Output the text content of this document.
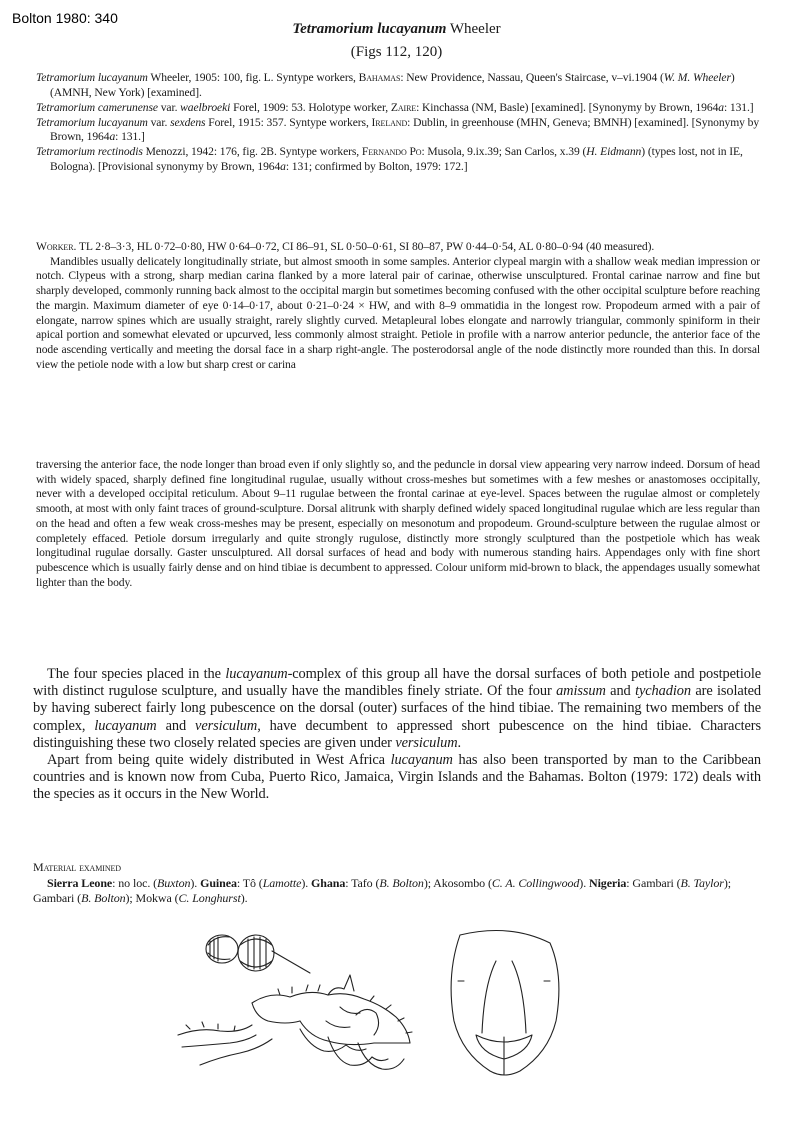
Bolton 1980: 340
Tetramorium lucayanum Wheeler
(Figs 112, 120)

Tetramorium lucayanum Wheeler, 1905: 100, fig. L. Syntype workers, Bahamas: New Providence, Nassau, Queen's Staircase, v–vi.1904 (W. M. Wheeler) (AMNH, New York) [examined].

Tetramorium camerunense var. waelbroeki Forel, 1909: 53. Holotype worker, Zaire: Kinchassa (NM, Basle) [examined]. [Synonymy by Brown, 1964a: 131.]

Tetramorium lucayanum var. sexdens Forel, 1915: 357. Syntype workers, Ireland: Dublin, in greenhouse (MHN, Geneva; BMNH) [examined]. [Synonymy by Brown, 1964a: 131.]

Tetramorium rectinodis Menozzi, 1942: 176, fig. 2B. Syntype workers, Fernando Po: Musola, 9.ix.39; San Carlos, x.39 (H. Eidmann) (types lost, not in IE, Bologna). [Provisional synonymy by Brown, 1964a: 131; confirmed by Bolton, 1979: 172.]

Worker. TL 2·8–3·3, HL 0·72–0·80, HW 0·64–0·72, CI 86–91, SL 0·50–0·61, SI 80–87, PW 0·44–0·54, AL 0·80–0·94 (40 measured).

Mandibles usually delicately longitudinally striate, but almost smooth in some samples. Anterior clypeal margin with a shallow weak median impression or notch. Clypeus with a strong, sharp median carina flanked by a more lateral pair of carinae, otherwise unsculptured. Frontal carinae narrow and fine but sharply developed, commonly running back almost to the occipital margin but sometimes becoming confused with the other occipital sculpture before reaching the margin. Maximum diameter of eye 0·14–0·17, about 0·21–0·24 × HW, and with 8–9 ommatidia in the longest row. Propodeum armed with a pair of elongate, narrow spines which are usually straight, rarely slightly curved. Metapleural lobes elongate and narrowly triangular, commonly spiniform in their apical portion and somewhat elevated or upcurved, less commonly almost straight. Petiole in profile with a narrow anterior peduncle, the anterior face of the node ascending vertically and meeting the dorsal face in a sharp right-angle. The posterodorsal angle of the node distinctly more rounded than this. In dorsal view the petiole node with a low but sharp crest or carina

traversing the anterior face, the node longer than broad even if only slightly so, and the peduncle in dorsal view appearing very narrow indeed. Dorsum of head with widely spaced, sharply defined fine longitudinal rugulae, usually without cross-meshes but sometimes with a few meshes or anastomoses occipitally, never with a developed occipital reticulum. About 9–11 rugulae between the frontal carinae at eye-level. Spaces between the rugulae almost or completely smooth, at most with only faint traces of ground-sculpture. Dorsal alitrunk with sharply defined widely spaced longitudinal rugulae which are less regular than on the head and often a few weak cross-meshes may be present, especially on mesonotum and propodeum. Ground-sculpture between the rugulae almost or completely effaced. Petiole dorsum irregularly and quite strongly rugulose, distinctly more strongly sculptured than the postpetiole which has weak longitudinal rugulae dorsally. Gaster unsculptured. All dorsal surfaces of head and body with numerous standing hairs. Appendages only with fine short pubescence which is usually fairly dense and on hind tibiae is decumbent to appressed. Colour uniform mid-brown to black, the appendages usually somewhat lighter than the body.

The four species placed in the lucayanum-complex of this group all have the dorsal surfaces of both petiole and postpetiole with distinct rugulose sculpture, and usually have the mandibles finely striate. Of the four amissum and tychadion are isolated by having suberect fairly long pubescence on the dorsal (outer) surfaces of the hind tibiae. The remaining two members of the complex, lucayanum and versiculum, have decumbent to appressed short pubescence on the hind tibiae. Characters distinguishing these two closely related species are given under versiculum.

Apart from being quite widely distributed in West Africa lucayanum has also been transported by man to the Caribbean countries and is known now from Cuba, Puerto Rico, Jamaica, Virgin Islands and the Bahamas. Bolton (1979: 172) deals with the species as it occurs in the New World.

Material examined

Sierra Leone: no loc. (Buxton). Guinea: Tô (Lamotte). Ghana: Tafo (B. Bolton); Akosombo (C. A. Collingwood). Nigeria: Gambari (B. Taylor); Gambari (B. Bolton); Mokwa (C. Longhurst).
